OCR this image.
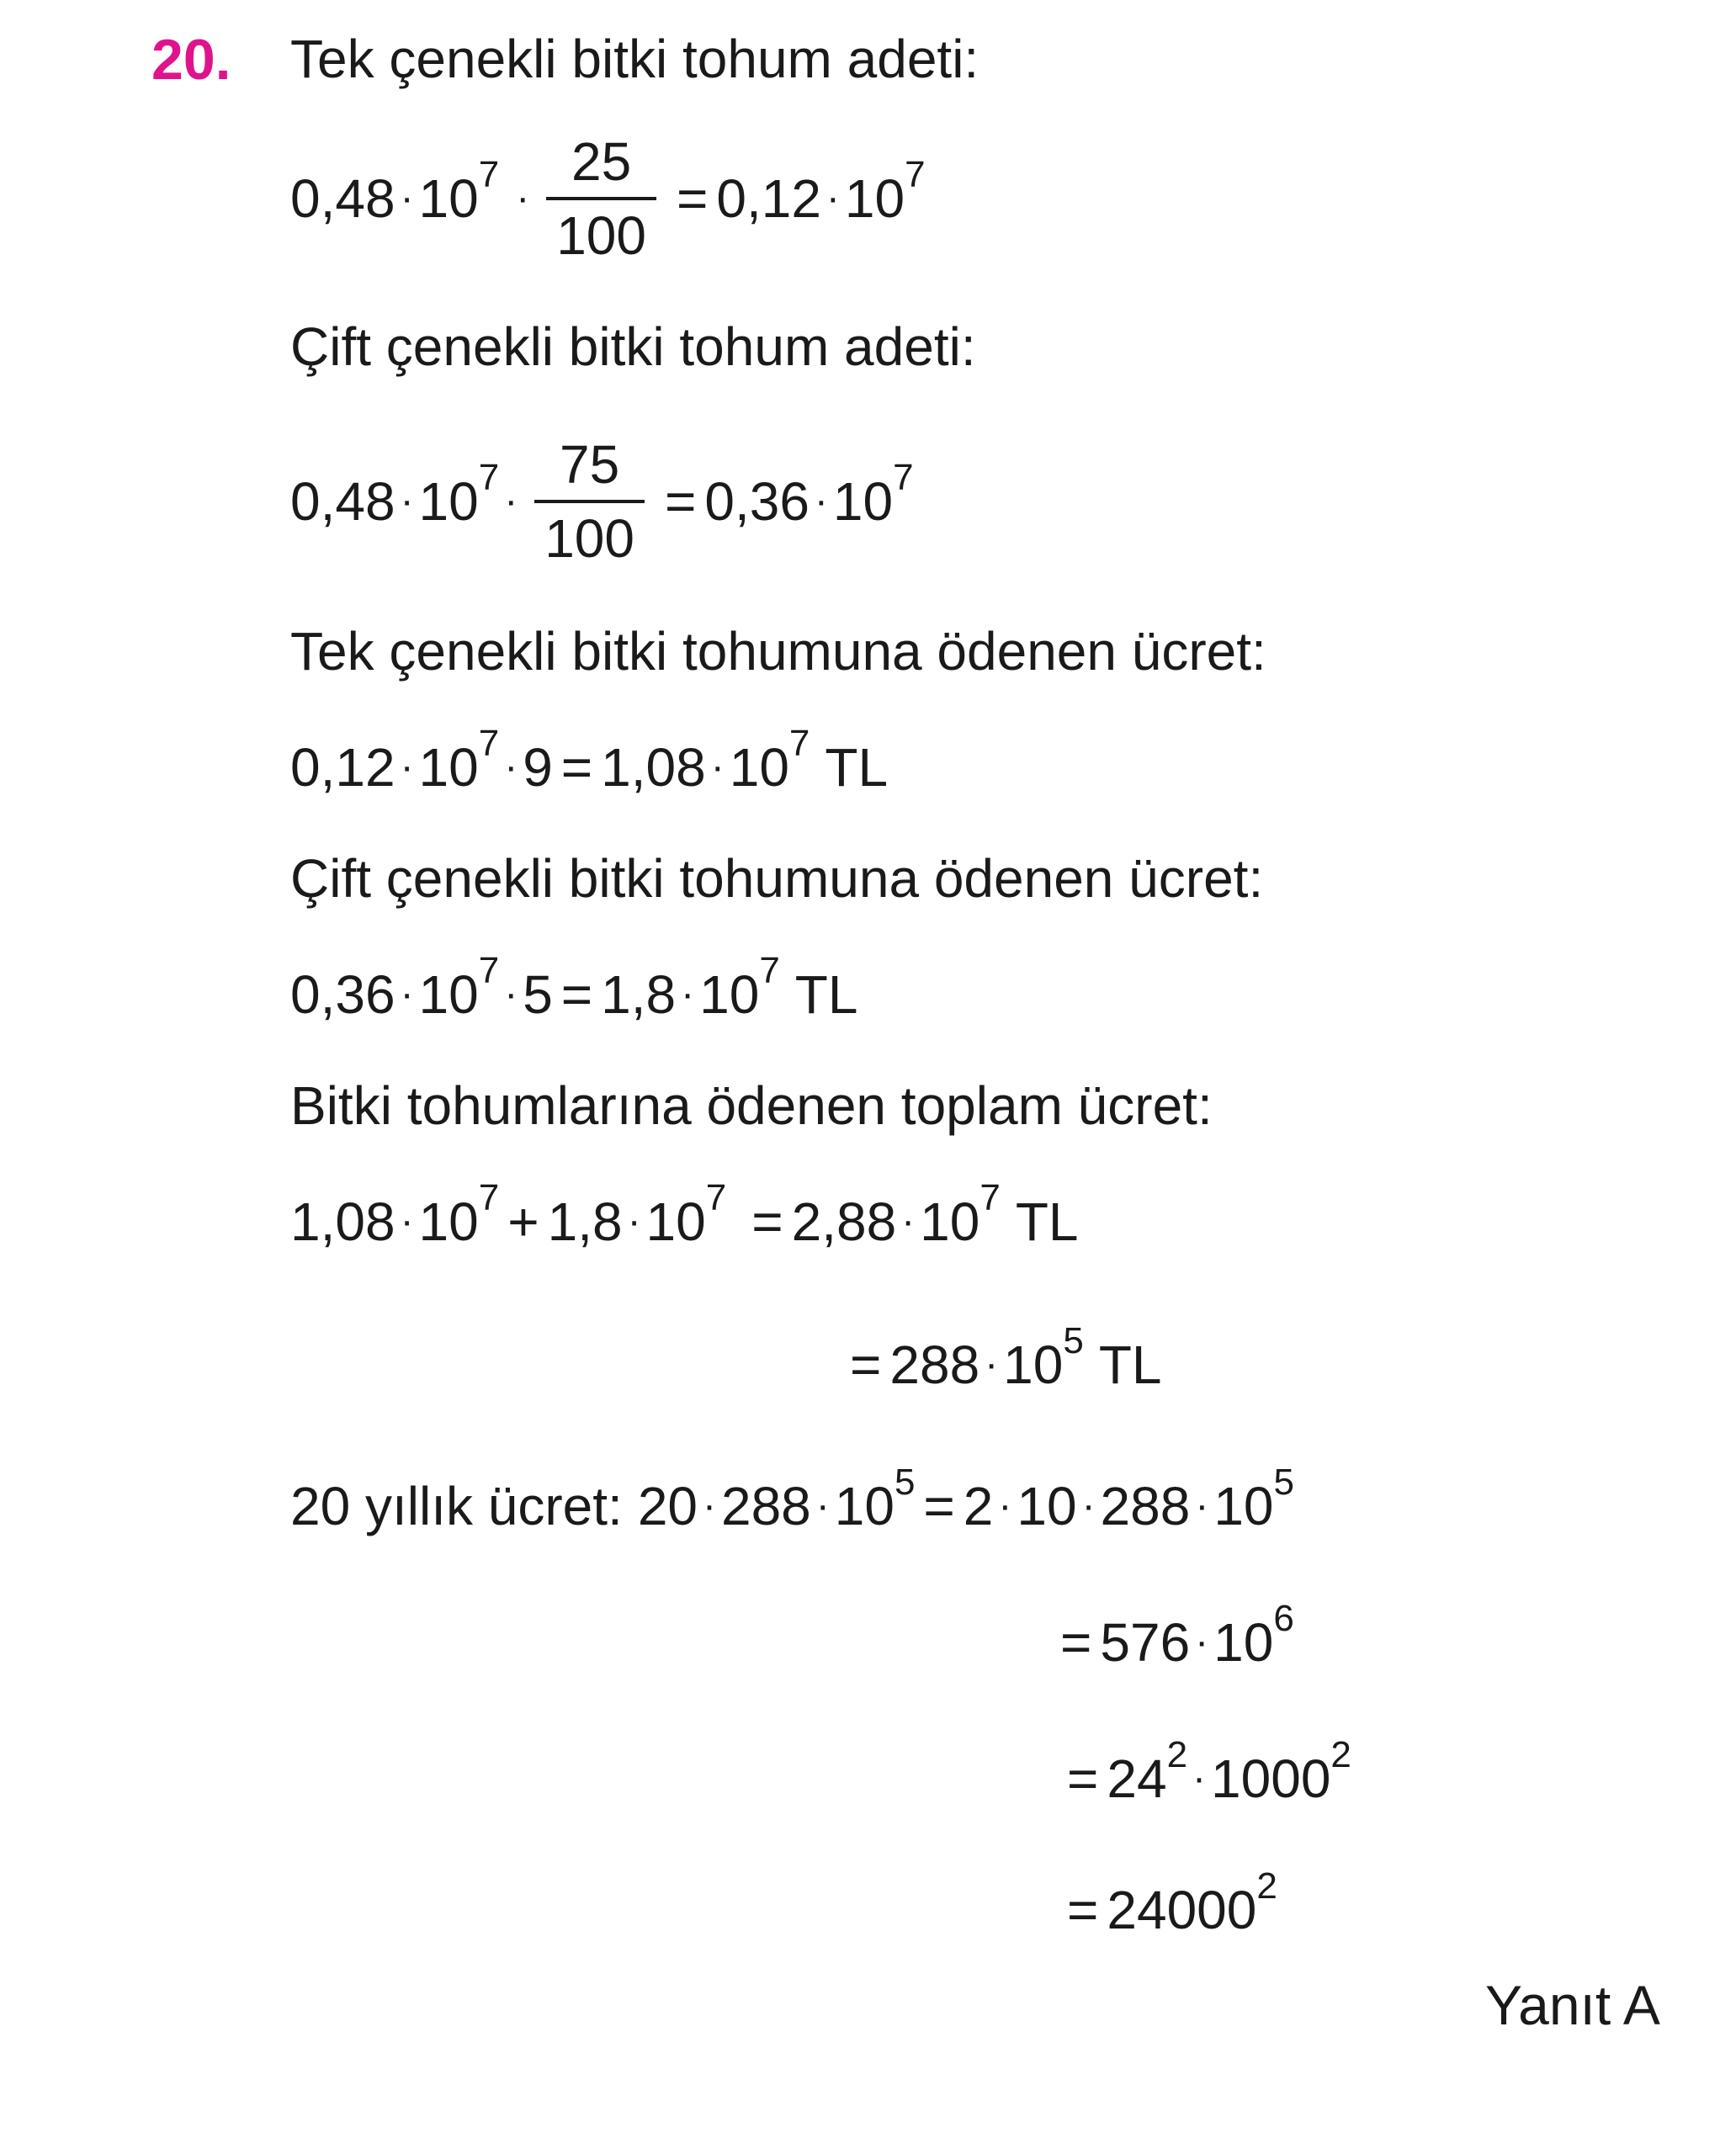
20. Tek çenekli bitki tohum adeti:
$0,48 \cdot 10^7$
· $\frac{25}{100} = 0,12 \cdot 10^7$
Çift çenekli bitki tohum adeti:
$0,48 \cdot 10^7$
· $\frac{75}{100} = 0,36 \cdot 10^7$
Tek çenekli bitki tohumuna ödenen ücret:
$0,12 \cdot 10^7$
· $9 = 1,08 \cdot 10^7$ TL
Çift çenekli bitki tohumuna ödenen ücret:
$0,36 \cdot 10^7$
· $5 = 1,8 \cdot 10^7$ TL
Bitki tohumlarına ödenen toplam ücret:
$1,08 \cdot 10^7 + 1,8 \cdot 10^7 = 2,88 \cdot 10^7$ TL
= $288 \cdot 10^5$ TL
20 yıllık ücret: $20 \cdot 288 \cdot 10^5 = 2 \cdot 10 \cdot 288 \cdot 10^5$
= $576 \cdot 10^6$
= $24^2$
· $1000^2$
= $24000^2$
Yanıt A
